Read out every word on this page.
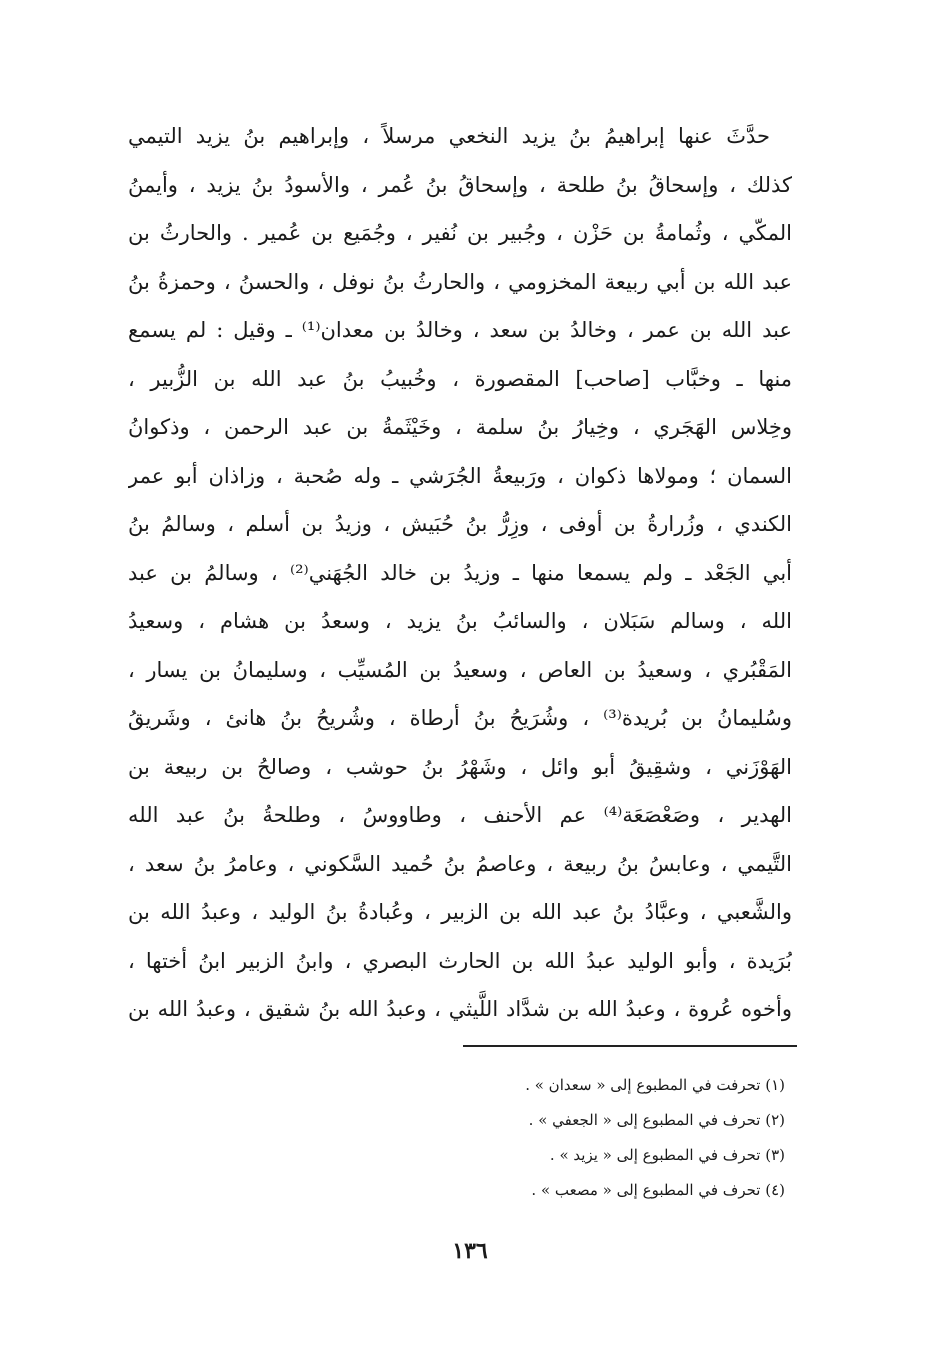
حدَّثَ عنها إبراهيمُ بنُ يزيد النخعي مرسلاً ، وإبراهيم بنُ يزيد التيمي
كذلك ، وإسحاقُ بنُ طلحة ، وإسحاقُ بنُ عُمر ، والأسودُ بنُ يزيد ، وأيمنُ
المكّي ، وثُمامةُ بن حَزْن ، وجُبير بن نُفير ، وجُمَيع بن عُمير . والحارثُ بن
عبد الله بن أبي ربيعة المخزومي ، والحارثُ بنُ نوفل ، والحسنُ ، وحمزةُ بنُ
عبد الله بن عمر ، وخالدُ بن سعد ، وخالدُ بن معدان⁽¹⁾ ـ وقيل : لم يسمع
منها ـ وخبَّاب [صاحب] المقصورة ، وخُبيبُ بنُ عبد الله بن الزُّبير ،
وخِلاس الهَجَري ، وخِيارُ بنُ سلمة ، وخَيْثَمةُ بن عبد الرحمن ، وذكوانُ
السمان ؛ ومولاها ذكوان ، ورَبيعةُ الجُرَشي ـ وله صُحبة ، وزاذان أبو عمر
الكندي ، وزُرارةُ بن أوفى ، وزِرُّ بنُ حُبَيش ، وزيدُ بن أسلم ، وسالمُ بنُ
أبي الجَعْد ـ ولم يسمعا منها ـ وزيدُ بن خالد الجُهَني⁽²⁾ ، وسالمُ بن عبد
الله ، وسالم سَبَلان ، والسائبُ بنُ يزيد ، وسعدُ بن هشام ، وسعيدُ
المَقْبُري ، وسعيدُ بن العاص ، وسعيدُ بن المُسيِّب ، وسليمانُ بن يسار ،
وسُليمانُ بن بُريدة⁽³⁾ ، وشُرَيحُ بنُ أرطاة ، وشُريحُ بنُ هانئ ، وشَريقُ
الهَوْزَني ، وشقِيقُ أبو وائل ، وشَهْرُ بنُ حوشب ، وصالحُ بن ربيعة بن
الهدير ، وصَعْصَعَة⁽⁴⁾ عم الأحنف ، وطاووسُ ، وطلحةُ بنُ عبد الله
التَّيمي ، وعابسُ بنُ ربيعة ، وعاصمُ بنُ حُميد السَّكوني ، وعامرُ بنُ سعد ،
والشَّعبي ، وعبَّادُ بنُ عبد الله بن الزبير ، وعُبادةُ بنُ الوليد ، وعبدُ الله بن
بُرَيدة ، وأبو الوليد عبدُ الله بن الحارث البصري ، وابنُ الزبير ابنُ أختها ،
وأخوه عُروة ، وعبدُ الله بن شدَّاد اللَّيثي ، وعبدُ الله بنُ شقيق ، وعبدُ الله بن
(١) تحرفت في المطبوع إلى « سعدان » .
(٢) تحرف في المطبوع إلى « الجعفي » .
(٣) تحرف في المطبوع إلى « يزيد » .
(٤) تحرف في المطبوع إلى « مصعب » .
١٣٦
